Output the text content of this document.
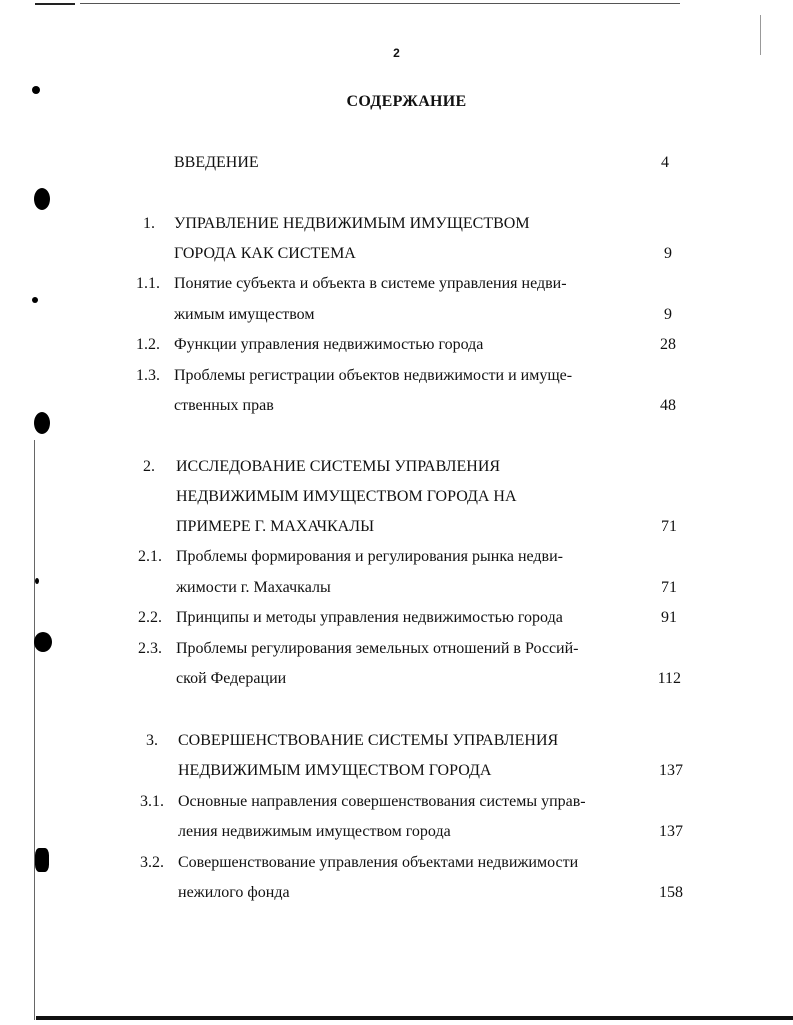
2
СОДЕРЖАНИЕ
ВВЕДЕНИЕ	4
1. УПРАВЛЕНИЕ НЕДВИЖИМЫМ ИМУЩЕСТВОМ
ГОРОДА КАК СИСТЕМА	9
1.1. Понятие субъекта и объекта в системе управления недви-
жимым имуществом	9
1.2. Функции управления недвижимостью города	28
1.3. Проблемы регистрации объектов недвижимости и имуще-
ственных прав	48
2. ИССЛЕДОВАНИЕ СИСТЕМЫ УПРАВЛЕНИЯ
НЕДВИЖИМЫМ ИМУЩЕСТВОМ ГОРОДА НА
ПРИМЕРЕ Г. МАХАЧКАЛЫ	71
2.1. Проблемы формирования и регулирования рынка недви-
жимости г. Махачкалы	71
2.2. Принципы и методы управления недвижимостью города	91
2.3. Проблемы регулирования земельных отношений в Россий-
ской Федерации	112
3. СОВЕРШЕНСТВОВАНИЕ СИСТЕМЫ УПРАВЛЕНИЯ
НЕДВИЖИМЫМ ИМУЩЕСТВОМ ГОРОДА	137
3.1. Основные направления совершенствования системы управ-
ления недвижимым имуществом города	137
3.2. Совершенствование управления объектами недвижимости
нежилого фонда	158
